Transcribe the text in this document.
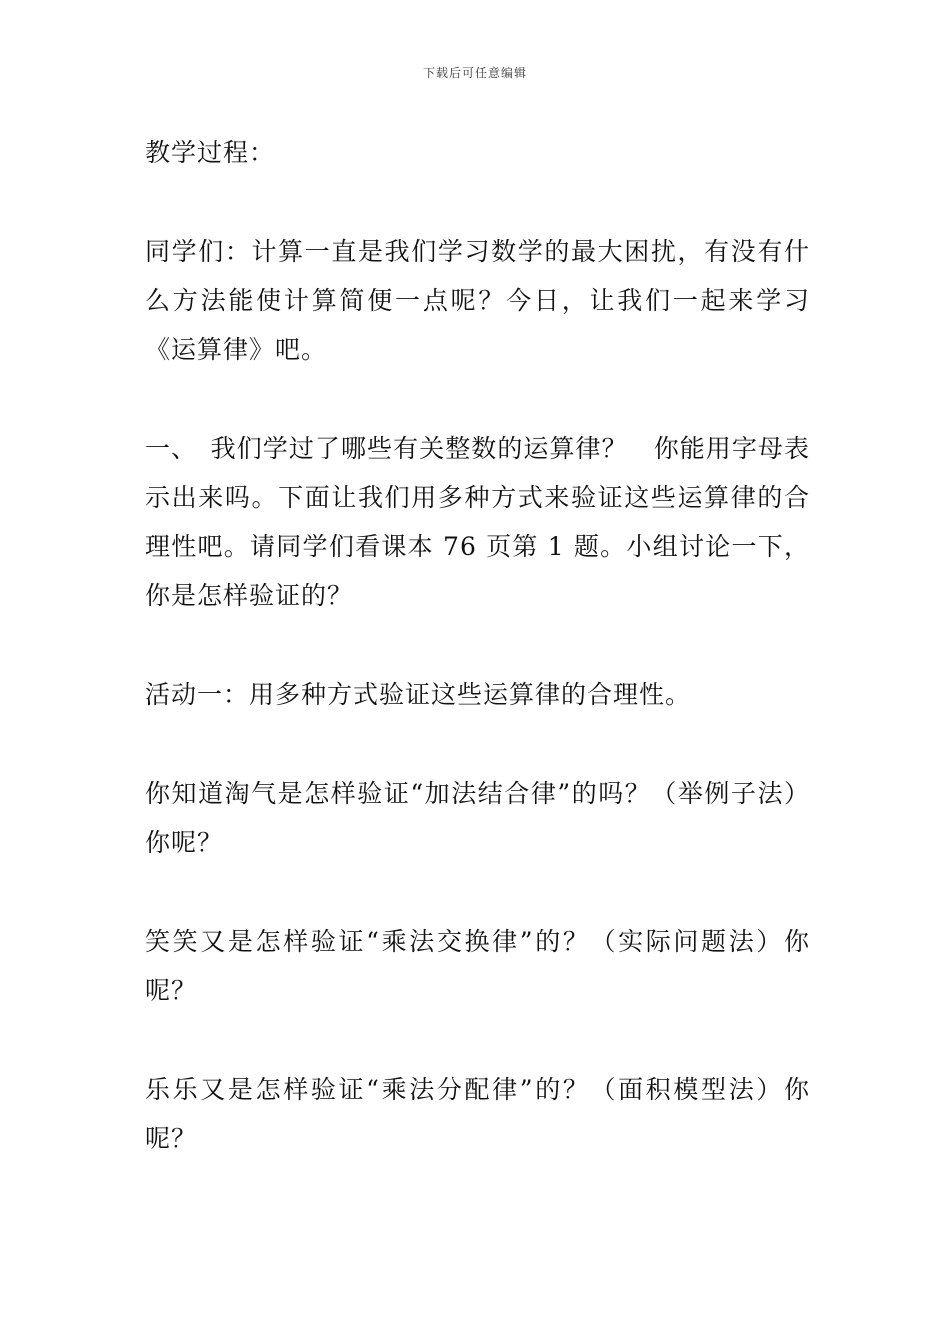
下载后可任意编辑

教学过程：

同学们：计算一直是我们学习数学的最大困扰，有没有什么方法能使计算简便一点呢？今日，让我们一起来学习《运算律》吧。

一、　我们学过了哪些有关整数的运算律？　你能用字母表示出来吗。下面让我们用多种方式来验证这些运算律的合理性吧。请同学们看课本 76 页第 1 题。小组讨论一下，你是怎样验证的？

活动一：用多种方式验证这些运算律的合理性。

你知道淘气是怎样验证“加法结合律”的吗？（举例子法）你呢？

笑笑又是怎样验证“乘法交换律”的？（实际问题法）你呢？

乐乐又是怎样验证“乘法分配律”的？（面积模型法）你呢？
